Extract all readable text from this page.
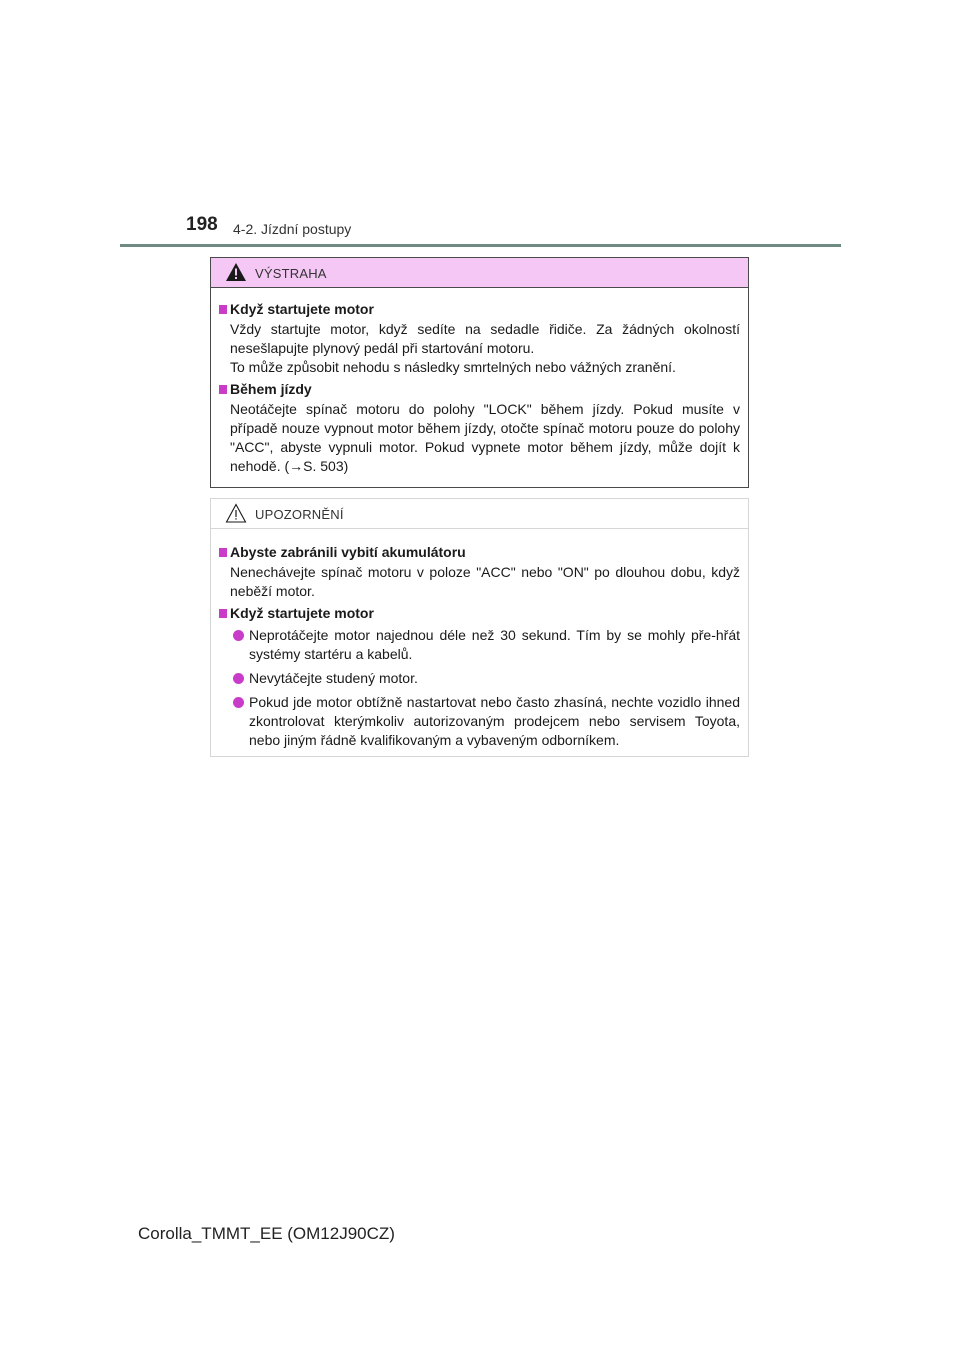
198 4-2. Jízdní postupy
VÝSTRAHA
Když startujete motor
Vždy startujte motor, když sedíte na sedadle řidiče. Za žádných okolností nesešlapujte plynový pedál při startování motoru.
To může způsobit nehodu s následky smrtelných nebo vážných zranění.
Během jízdy
Neotáčejte spínač motoru do polohy "LOCK" během jízdy. Pokud musíte v případě nouze vypnout motor během jízdy, otočte spínač motoru pouze do polohy "ACC", abyste vypnuli motor. Pokud vypnete motor během jízdy, může dojít k nehodě. (→S. 503)
UPOZORNĚNÍ
Abyste zabránili vybití akumulátoru
Nenechávejte spínač motoru v poloze "ACC" nebo "ON" po dlouhou dobu, když neběží motor.
Když startujete motor
Neprotáčejte motor najednou déle než 30 sekund. Tím by se mohly pře-hřát systémy startéru a kabelů.
Nevytáčejte studený motor.
Pokud jde motor obtížně nastartovat nebo často zhasíná, nechte vozidlo ihned zkontrolovat kterýmkoliv autorizovaným prodejcem nebo servisem Toyota, nebo jiným řádně kvalifikovaným a vybaveným odborníkem.
Corolla_TMMT_EE (OM12J90CZ)
